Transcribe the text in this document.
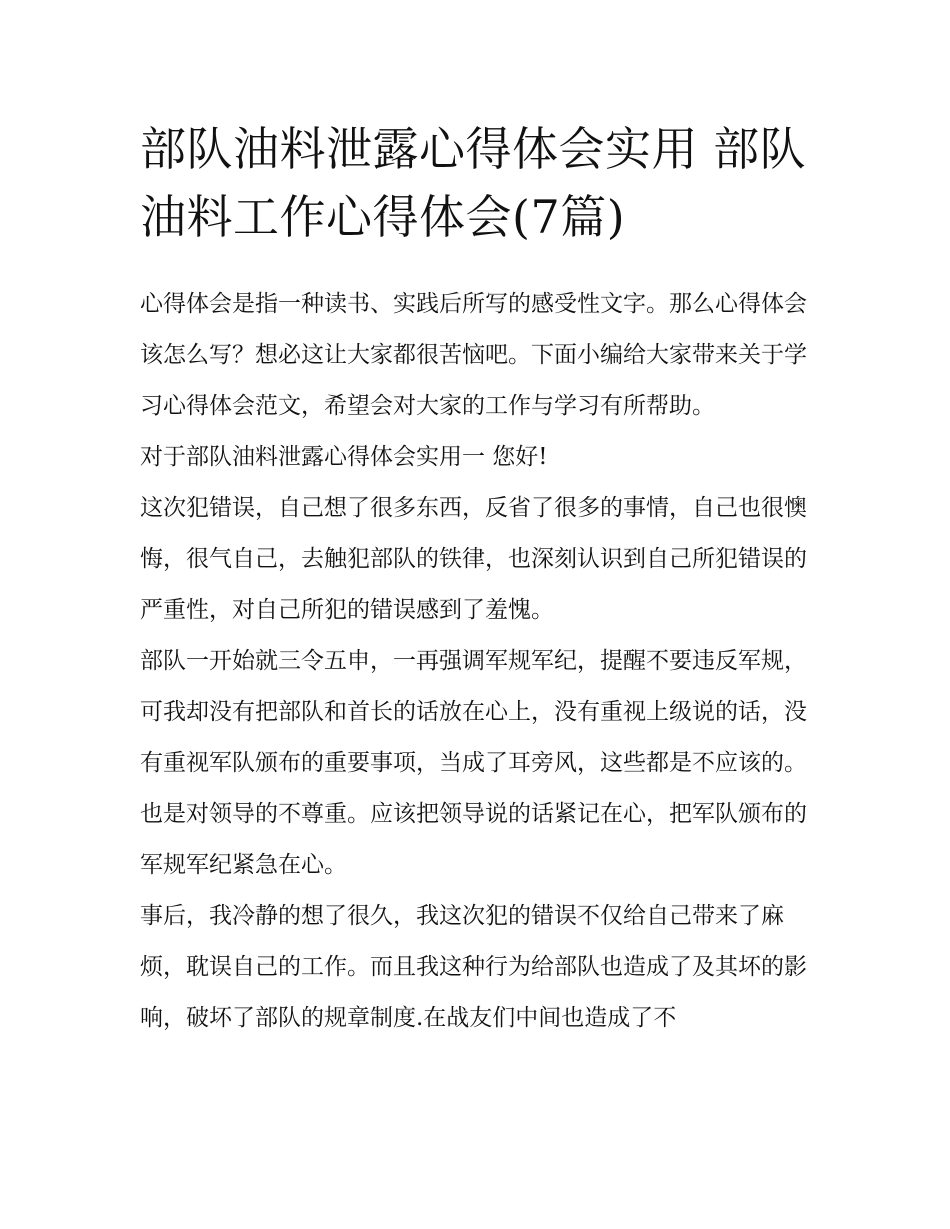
部队油料泄露心得体会实用 部队油料工作心得体会(7篇)

心得体会是指一种读书、实践后所写的感受性文字。那么心得体会该怎么写？想必这让大家都很苦恼吧。下面小编给大家带来关于学习心得体会范文，希望会对大家的工作与学习有所帮助。

对于部队油料泄露心得体会实用一 您好!

这次犯错误，自己想了很多东西，反省了很多的事情，自己也很懊悔，很气自己，去触犯部队的铁律，也深刻认识到自己所犯错误的严重性，对自己所犯的错误感到了羞愧。

部队一开始就三令五申，一再强调军规军纪，提醒不要违反军规，可我却没有把部队和首长的话放在心上，没有重视上级说的话，没有重视军队颁布的重要事项，当成了耳旁风，这些都是不应该的。也是对领导的不尊重。应该把领导说的话紧记在心，把军队颁布的军规军纪紧急在心。

事后，我冷静的想了很久，我这次犯的错误不仅给自己带来了麻烦，耽误自己的工作。而且我这种行为给部队也造成了及其坏的影响，破坏了部队的规章制度.在战友们中间也造成了不
